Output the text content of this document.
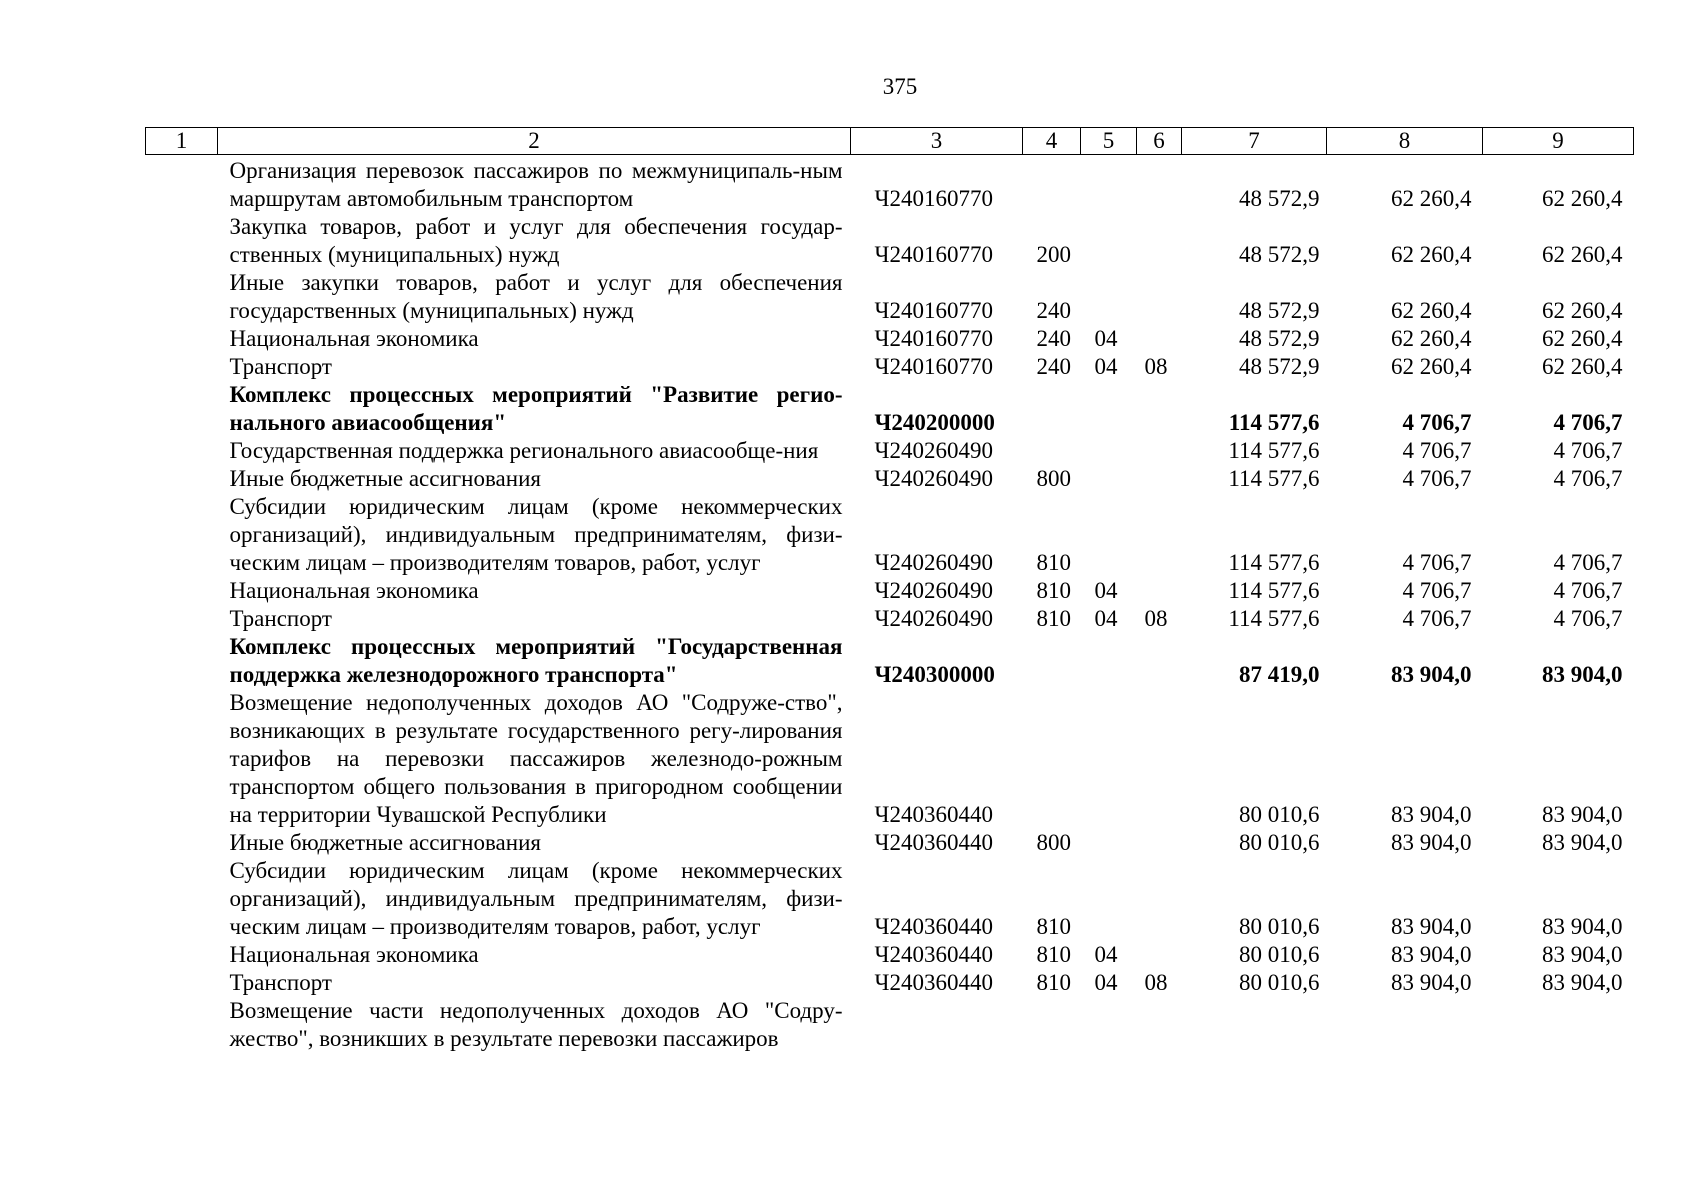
375
1	2	3	4	5	6	7	8	9
	Организация перевозок пассажиров по межмуниципаль-ным маршрутам автомобильным транспортом	Ч240160770				48 572,9	62 260,4	62 260,4
	Закупка товаров, работ и услуг для обеспечения государ-ственных (муниципальных) нужд	Ч240160770	200			48 572,9	62 260,4	62 260,4
	Иные закупки товаров, работ и услуг для обеспечения государственных (муниципальных) нужд	Ч240160770	240			48 572,9	62 260,4	62 260,4
	Национальная экономика	Ч240160770	240	04		48 572,9	62 260,4	62 260,4
	Транспорт	Ч240160770	240	04	08	48 572,9	62 260,4	62 260,4
	Комплекс процессных мероприятий "Развитие регио-нального авиасообщения"	Ч240200000				114 577,6	4 706,7	4 706,7
	Государственная поддержка регионального авиасообще-ния	Ч240260490				114 577,6	4 706,7	4 706,7
	Иные бюджетные ассигнования	Ч240260490	800			114 577,6	4 706,7	4 706,7
	Субсидии юридическим лицам (кроме некоммерческих организаций), индивидуальным предпринимателям, физи-ческим лицам – производителям товаров, работ, услуг	Ч240260490	810			114 577,6	4 706,7	4 706,7
	Национальная экономика	Ч240260490	810	04		114 577,6	4 706,7	4 706,7
	Транспорт	Ч240260490	810	04	08	114 577,6	4 706,7	4 706,7
	Комплекс процессных мероприятий "Государственная поддержка железнодорожного транспорта"	Ч240300000				87 419,0	83 904,0	83 904,0
	Возмещение недополученных доходов АО "Содруже-ство", возникающих в результате государственного регу-лирования тарифов на перевозки пассажиров железнодо-рожным транспортом общего пользования в пригородном сообщении на территории Чувашской Республики	Ч240360440				80 010,6	83 904,0	83 904,0
	Иные бюджетные ассигнования	Ч240360440	800			80 010,6	83 904,0	83 904,0
	Субсидии юридическим лицам (кроме некоммерческих организаций), индивидуальным предпринимателям, физи-ческим лицам – производителям товаров, работ, услуг	Ч240360440	810			80 010,6	83 904,0	83 904,0
	Национальная экономика	Ч240360440	810	04		80 010,6	83 904,0	83 904,0
	Транспорт	Ч240360440	810	04	08	80 010,6	83 904,0	83 904,0
	Возмещение части недополученных доходов АО "Содру-жество", возникших в результате перевозки пассажиров							
